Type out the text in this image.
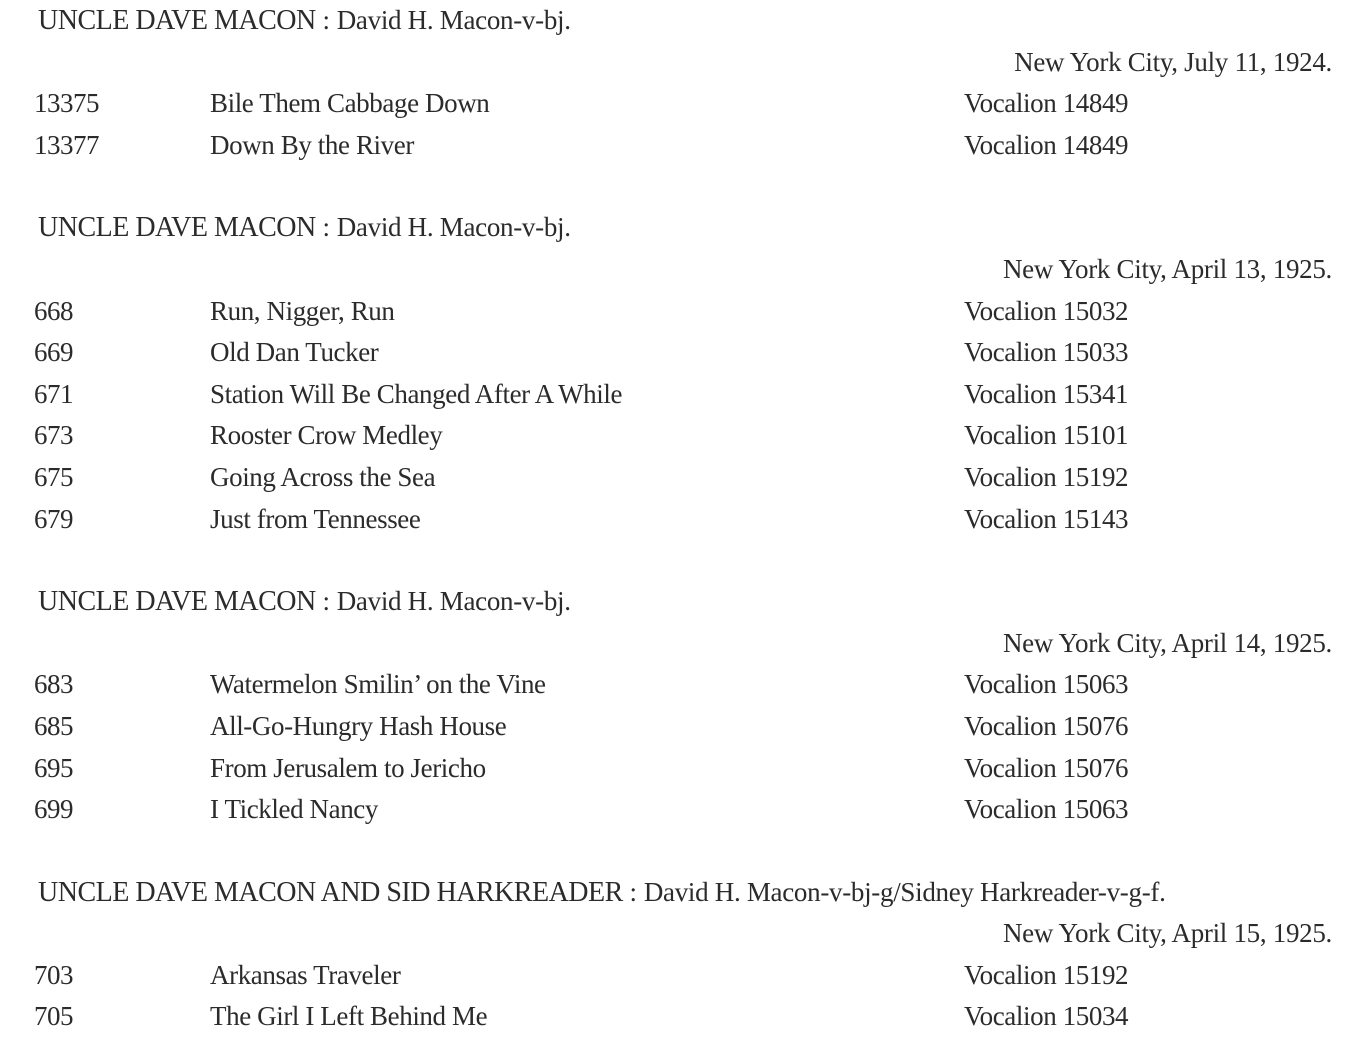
UNCLE DAVE MACON : David H. Macon-v-bj.
New York City, July 11, 1924.
13375	Bile Them Cabbage Down	Vocalion 14849
13377	Down By the River	Vocalion 14849
UNCLE DAVE MACON : David H. Macon-v-bj.
New York City, April 13, 1925.
668	Run, Nigger, Run	Vocalion 15032
669	Old Dan Tucker	Vocalion 15033
671	Station Will Be Changed After A While	Vocalion 15341
673	Rooster Crow Medley	Vocalion 15101
675	Going Across the Sea	Vocalion 15192
679	Just from Tennessee	Vocalion 15143
UNCLE DAVE MACON : David H. Macon-v-bj.
New York City, April 14, 1925.
683	Watermelon Smilin’ on the Vine	Vocalion 15063
685	All-Go-Hungry Hash House	Vocalion 15076
695	From Jerusalem to Jericho	Vocalion 15076
699	I Tickled Nancy	Vocalion 15063
UNCLE DAVE MACON AND SID HARKREADER : David H. Macon-v-bj-g/Sidney Harkreader-v-g-f.
New York City, April 15, 1925.
703	Arkansas Traveler	Vocalion 15192
705	The Girl I Left Behind Me	Vocalion 15034
